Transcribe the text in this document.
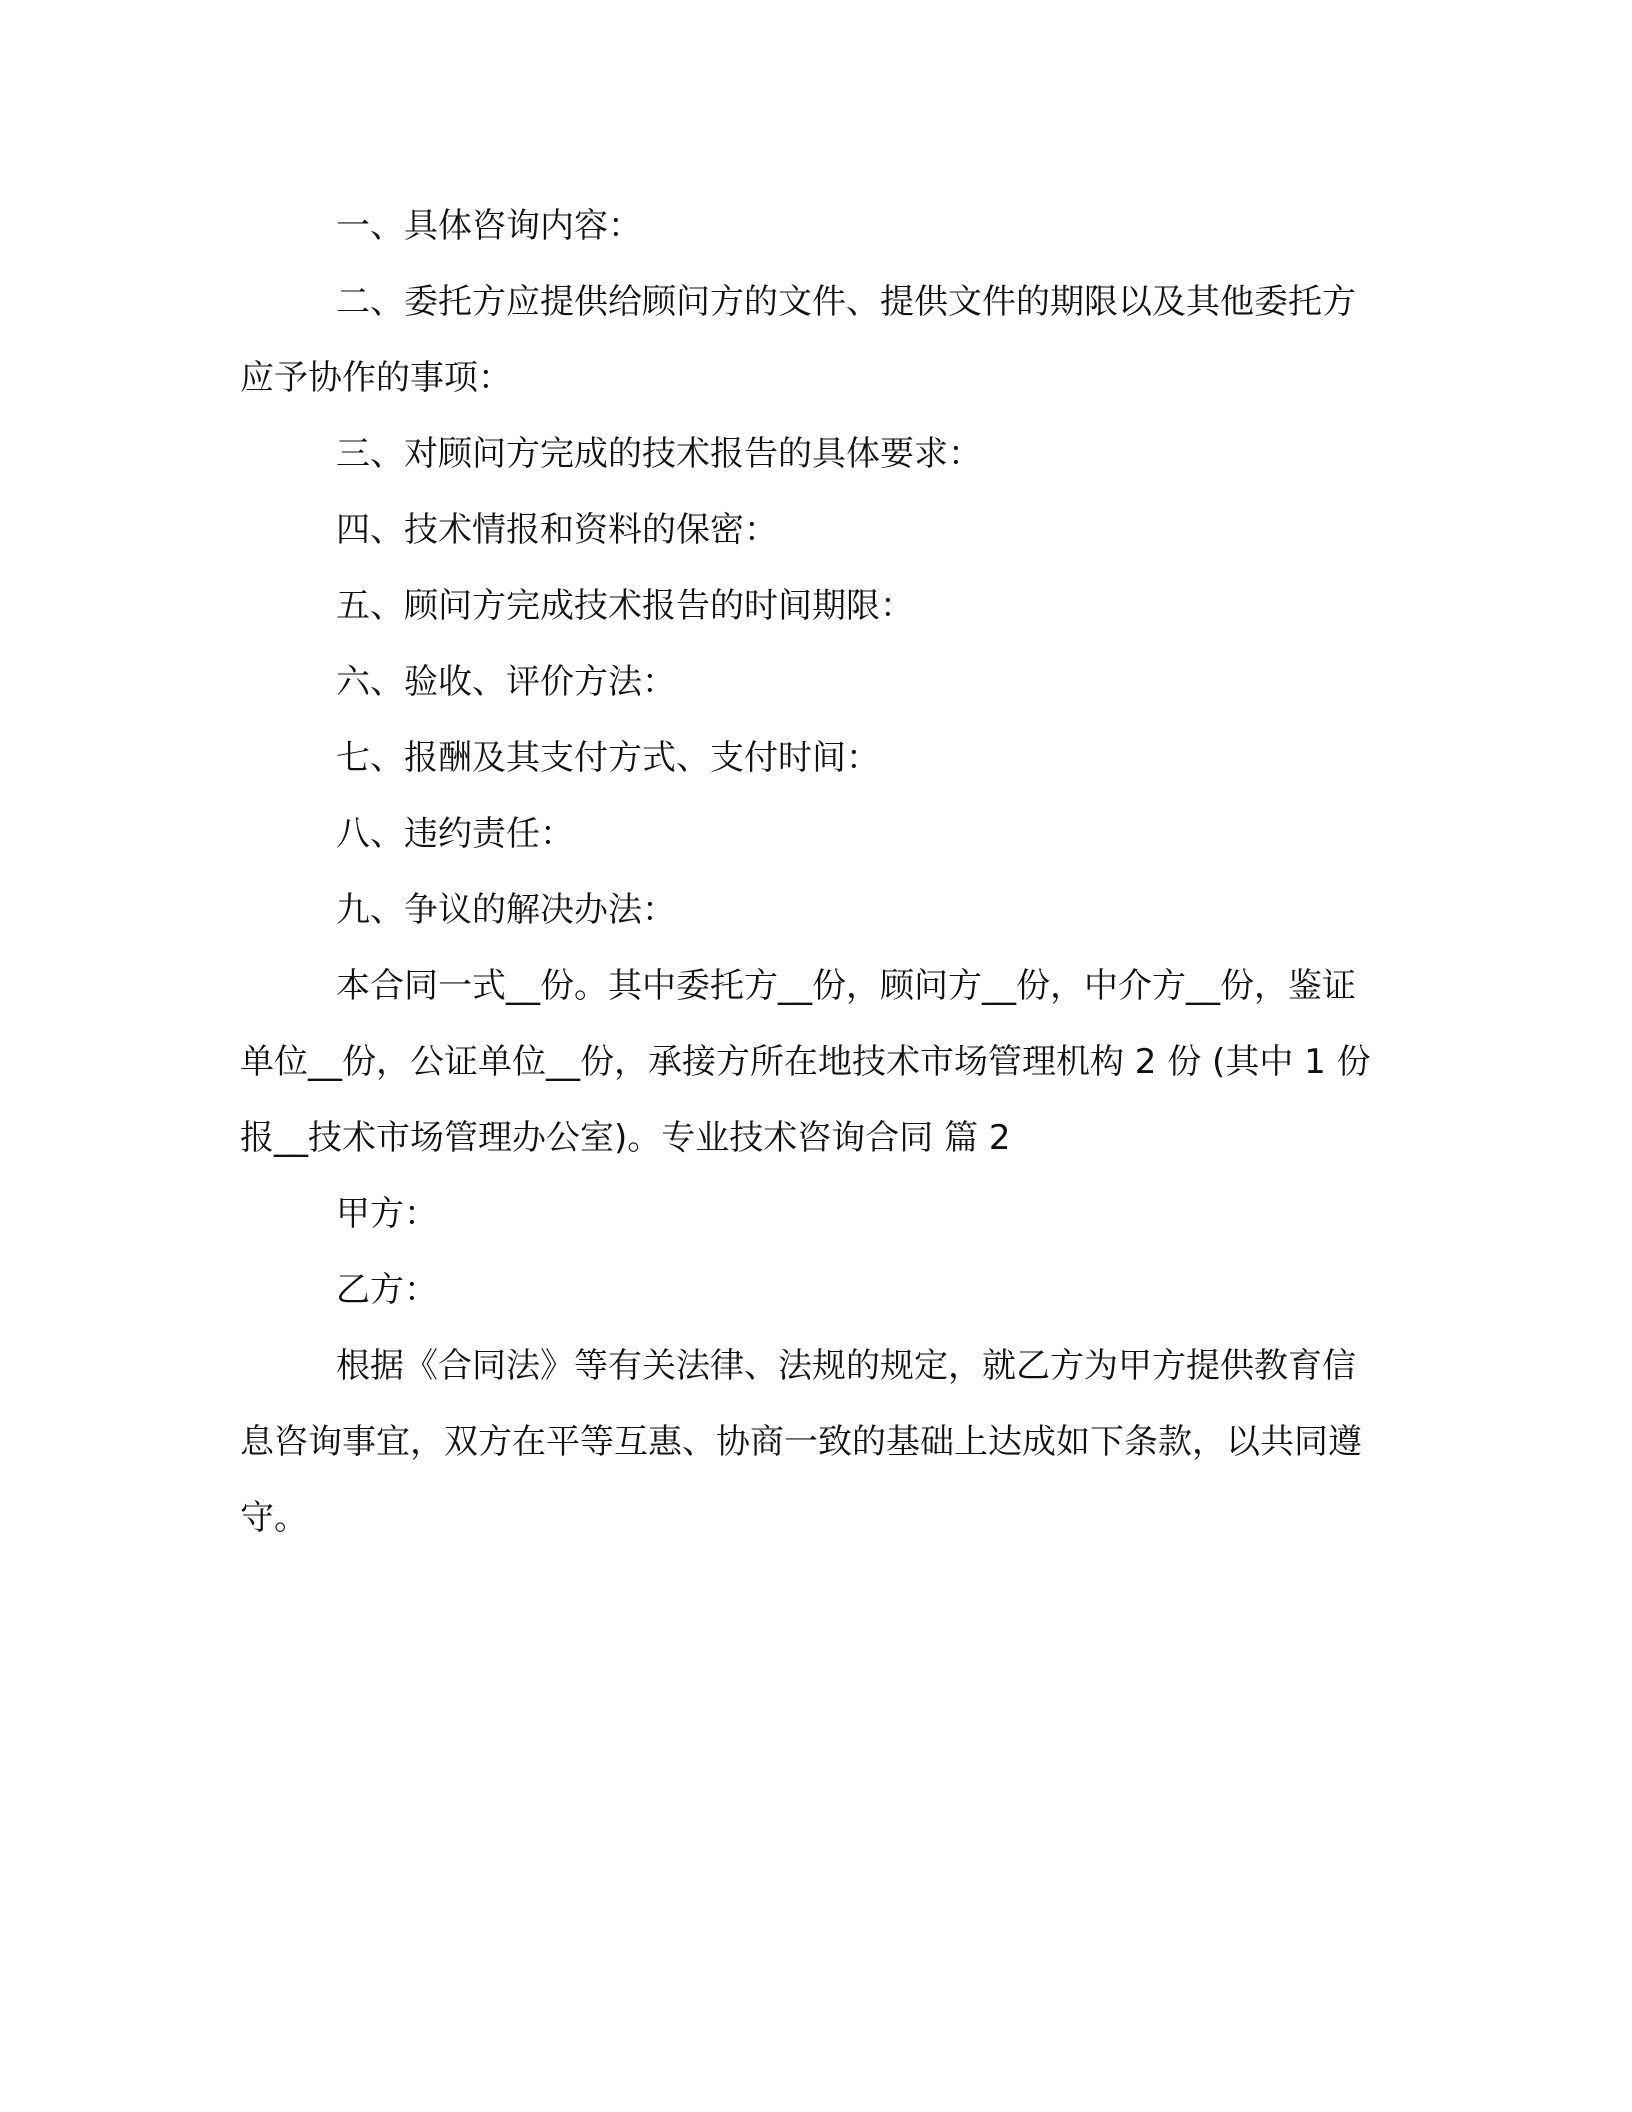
一、具体咨询内容：

二、委托方应提供给顾问方的文件、提供文件的期限以及其他委托方应予协作的事项：

三、对顾问方完成的技术报告的具体要求：

四、技术情报和资料的保密：

五、顾问方完成技术报告的时间期限：

六、验收、评价方法：

七、报酬及其支付方式、支付时间：

八、违约责任：

九、争议的解决办法：

本合同一式__份。其中委托方__份，顾问方__份，中介方__份，鉴证单位__份，公证单位__份，承接方所在地技术市场管理机构 2 份 (其中 1 份报__技术市场管理办公室)。专业技术咨询合同 篇 2

甲方：

乙方：

根据《合同法》等有关法律、法规的规定，就乙方为甲方提供教育信息咨询事宜，双方在平等互惠、协商一致的基础上达成如下条款，以共同遵守。
